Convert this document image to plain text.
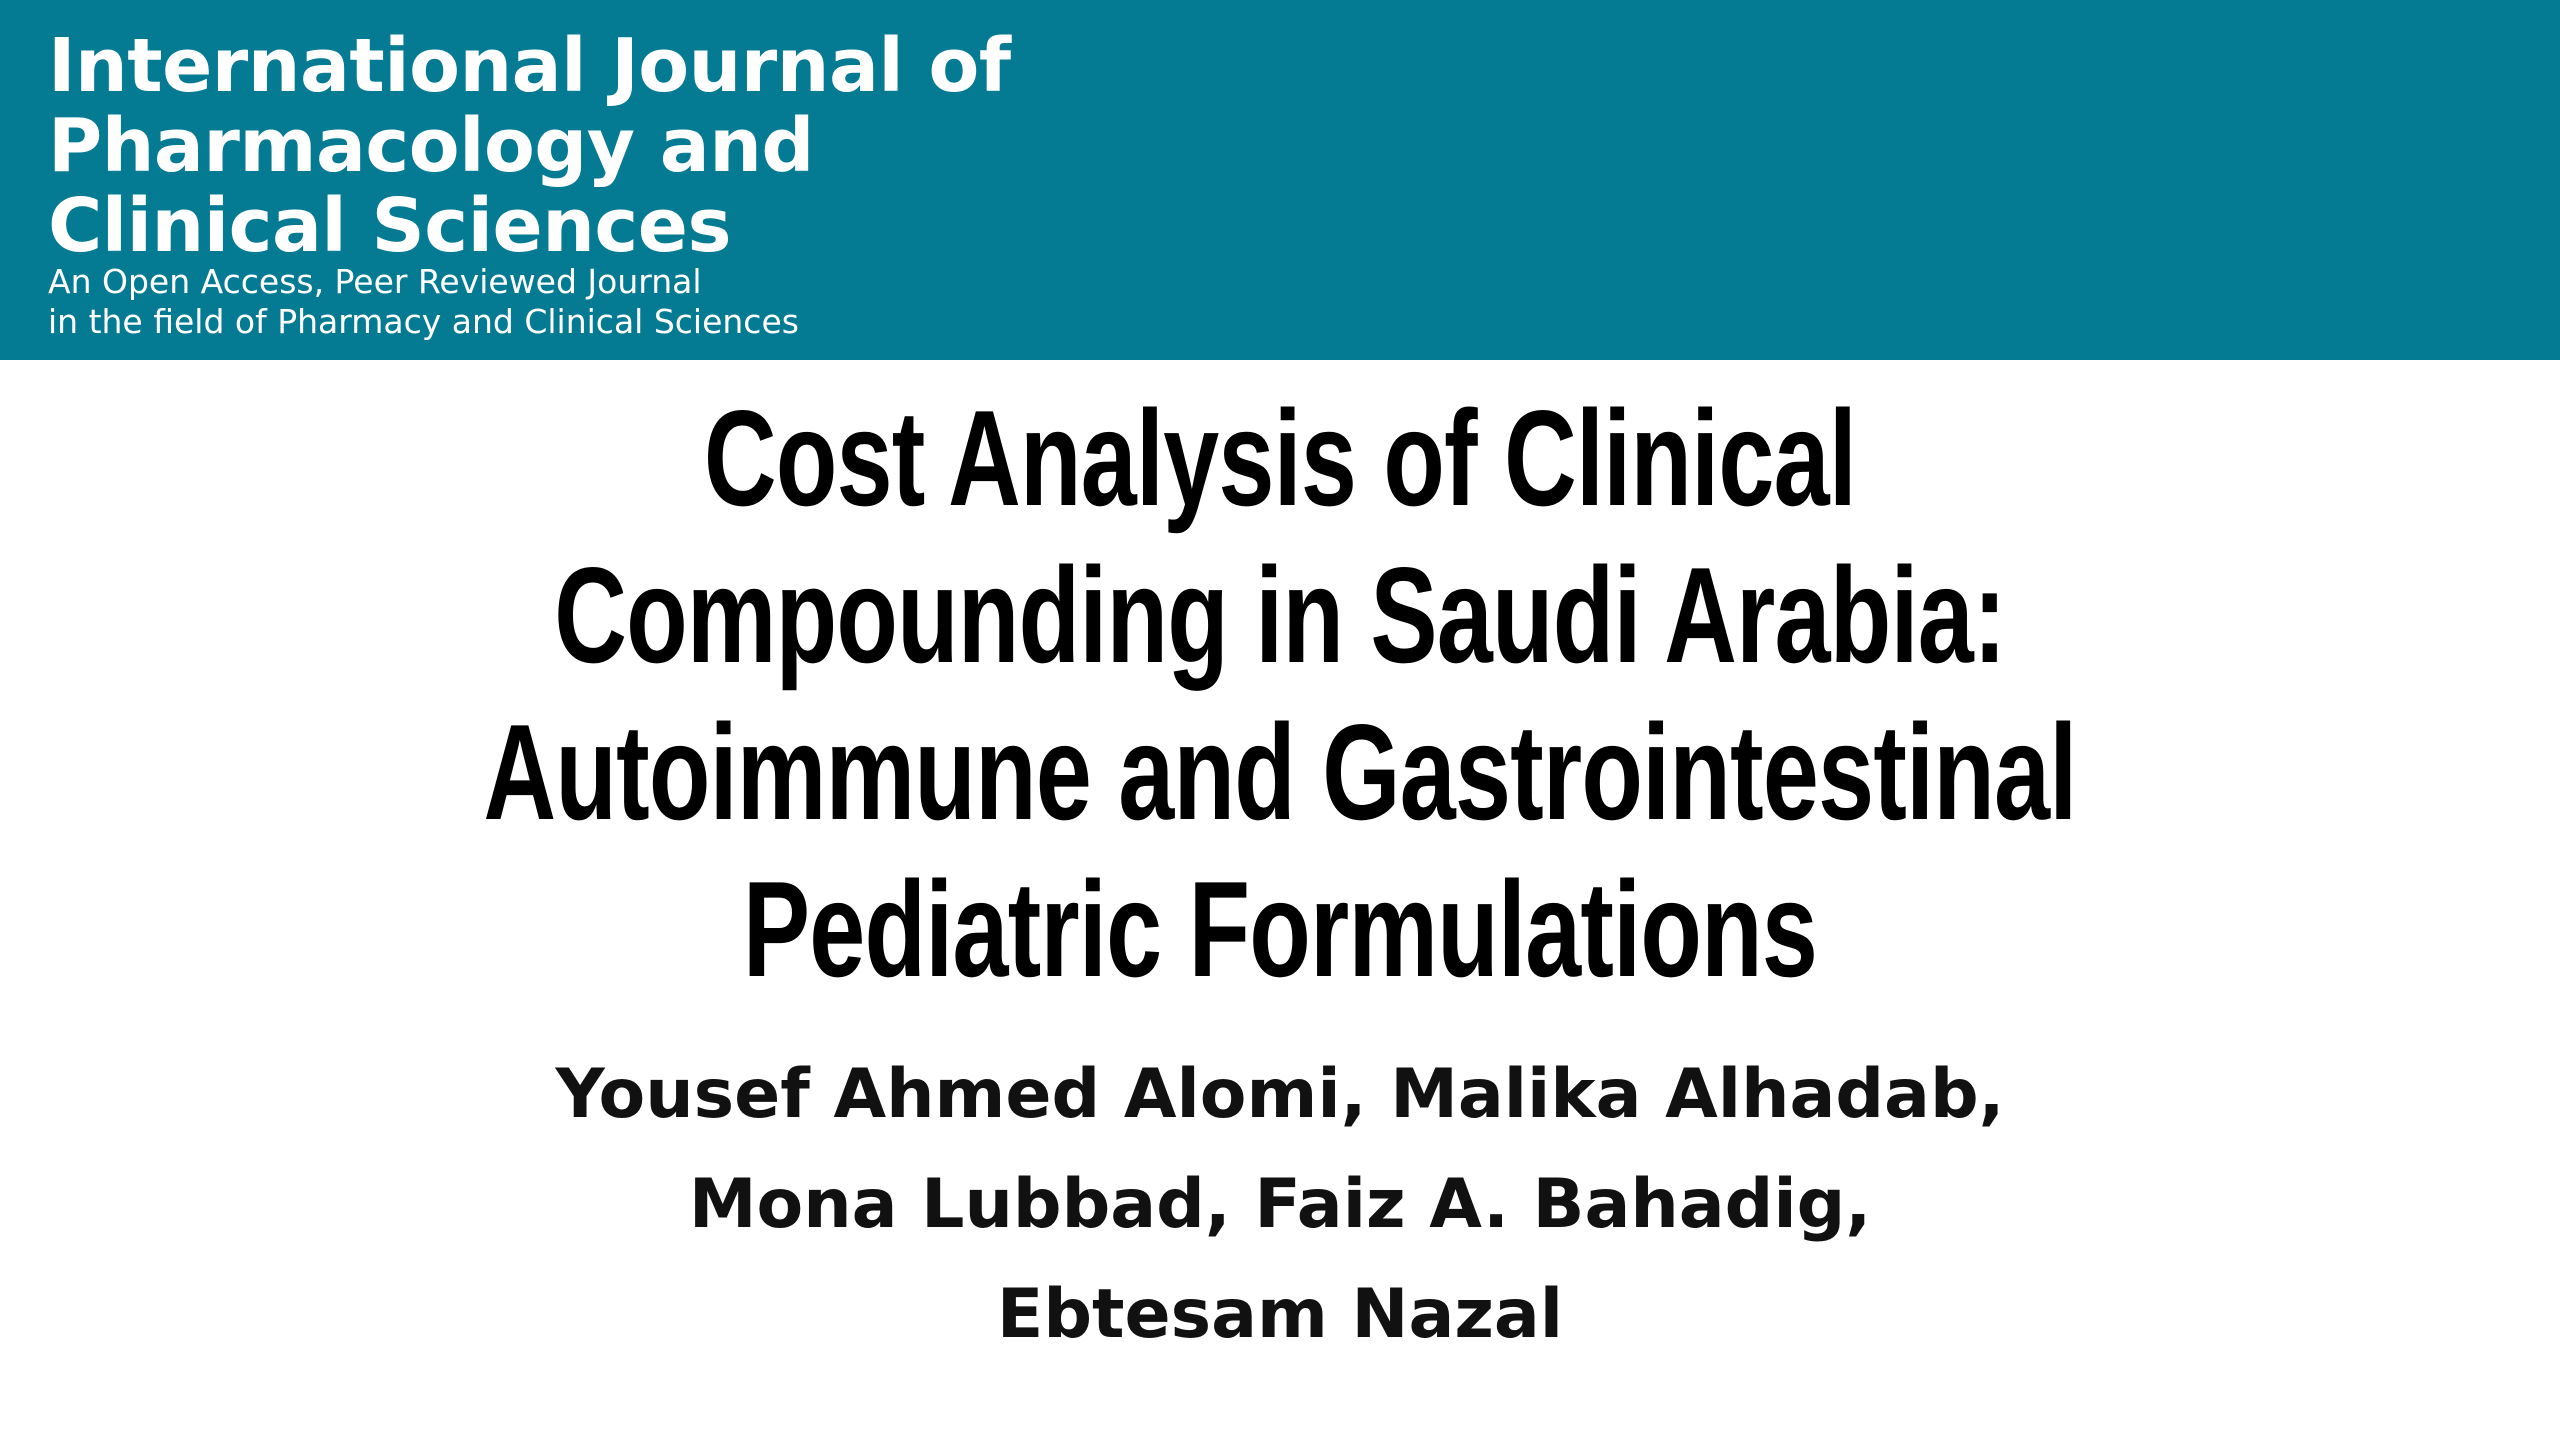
International Journal of
Pharmacology and
Clinical Sciences

An Open Access, Peer Reviewed Journal
in the field of Pharmacy and Clinical Sciences

Cost Analysis of Clinical
Compounding in Saudi Arabia:
Autoimmune and Gastrointestinal
Pediatric Formulations

Yousef Ahmed Alomi, Malika Alhadab,
Mona Lubbad, Faiz A. Bahadig,
Ebtesam Nazal
